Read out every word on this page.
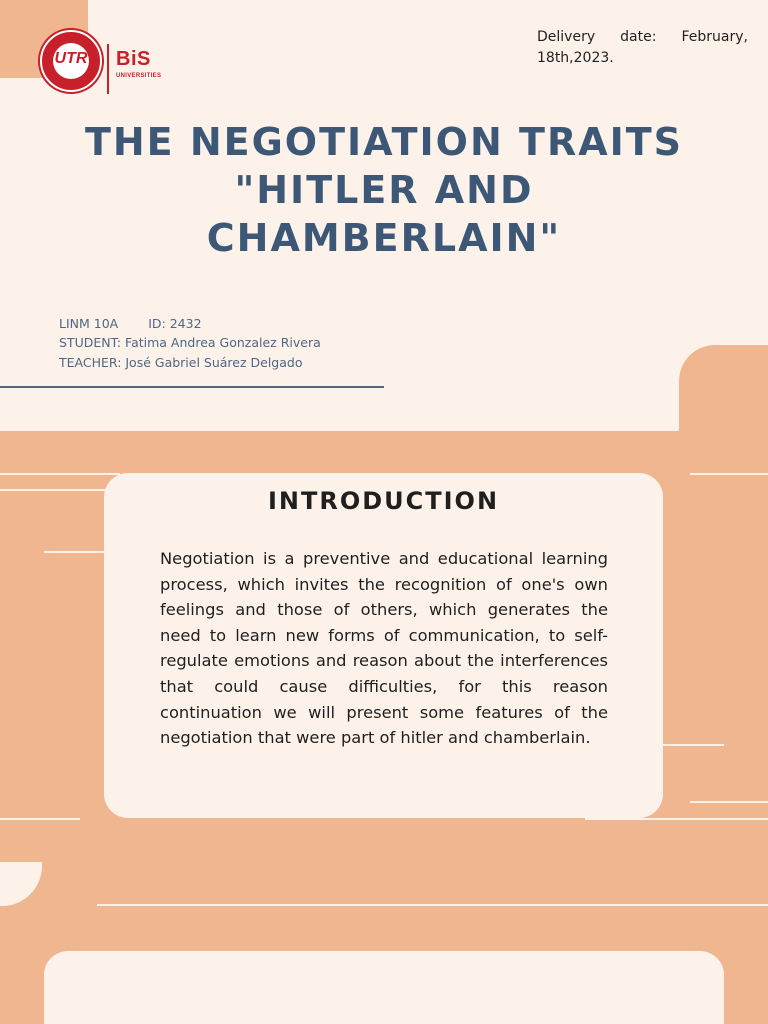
UTR	BiS
UNIVERSITIES
Delivery date: February, 18th,2023.
THE NEGOTIATION TRAITS "HITLER AND CHAMBERLAIN"
LINM 10A ID: 2432
STUDENT: Fatima Andrea Gonzalez Rivera
TEACHER: José Gabriel Suárez Delgado
INTRODUCTION
Negotiation is a preventive and educational learning process, which invites the recognition of one's own feelings and those of others, which generates the need to learn new forms of communication, to self-regulate emotions and reason about the interferences that could cause difficulties, for this reason continuation we will present some features of the negotiation that were part of hitler and chamberlain.
